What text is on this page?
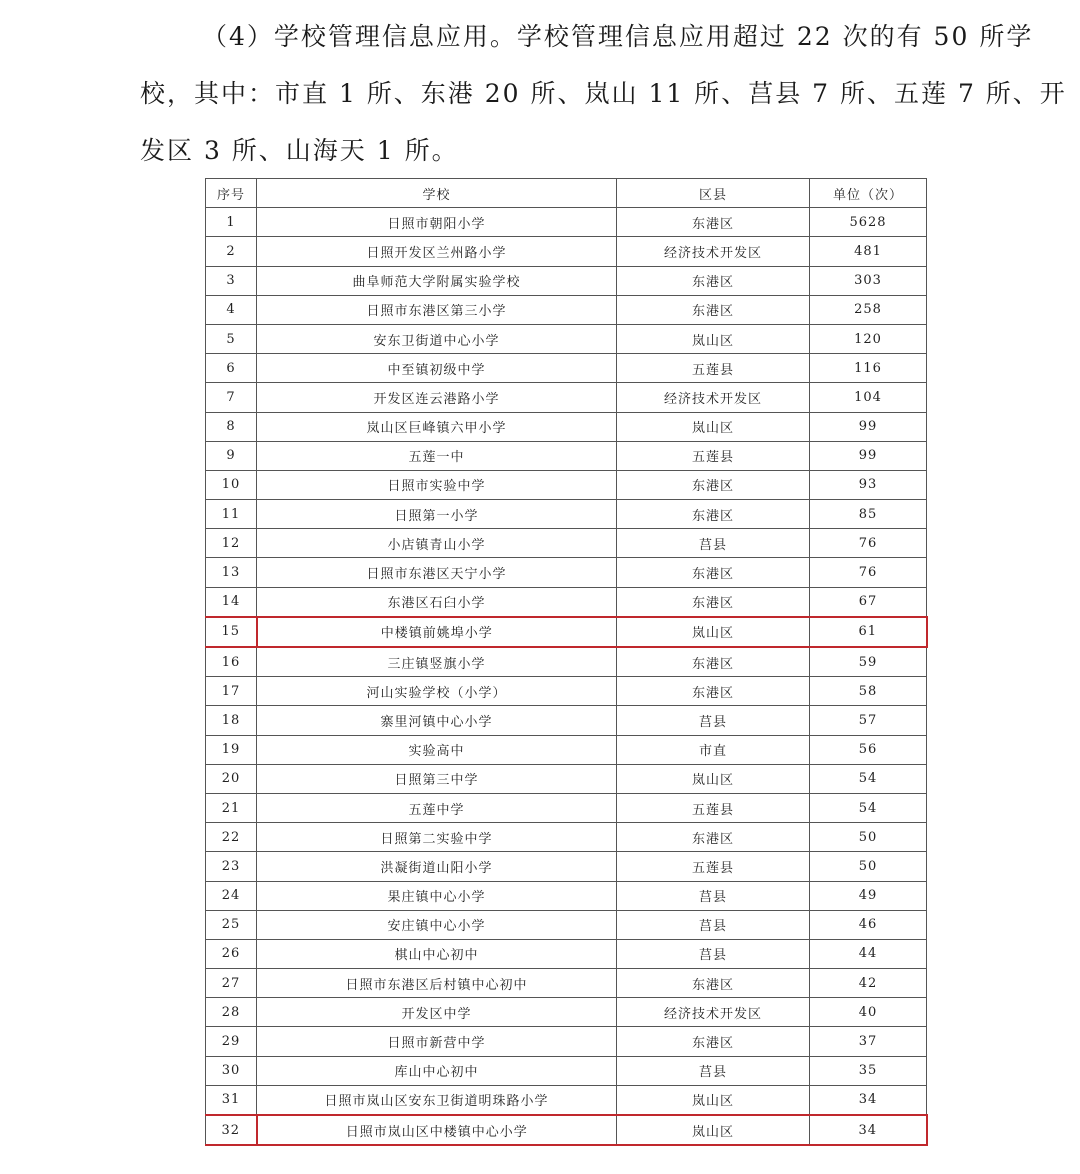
（4）学校管理信息应用。学校管理信息应用超过 22 次的有 50 所学
校，其中：市直 1 所、东港 20 所、岚山 11 所、莒县 7 所、五莲 7 所、开
发区 3 所、山海天 1 所。
序号	学校	区县	单位（次）
1	日照市朝阳小学	东港区	5628
2	日照开发区兰州路小学	经济技术开发区	481
3	曲阜师范大学附属实验学校	东港区	303
4	日照市东港区第三小学	东港区	258
5	安东卫街道中心小学	岚山区	120
6	中至镇初级中学	五莲县	116
7	开发区连云港路小学	经济技术开发区	104
8	岚山区巨峰镇六甲小学	岚山区	99
9	五莲一中	五莲县	99
10	日照市实验中学	东港区	93
11	日照第一小学	东港区	85
12	小店镇青山小学	莒县	76
13	日照市东港区天宁小学	东港区	76
14	东港区石臼小学	东港区	67
15	中楼镇前姚埠小学	岚山区	61
16	三庄镇竖旗小学	东港区	59
17	河山实验学校（小学）	东港区	58
18	寨里河镇中心小学	莒县	57
19	实验高中	市直	56
20	日照第三中学	岚山区	54
21	五莲中学	五莲县	54
22	日照第二实验中学	东港区	50
23	洪凝街道山阳小学	五莲县	50
24	果庄镇中心小学	莒县	49
25	安庄镇中心小学	莒县	46
26	棋山中心初中	莒县	44
27	日照市东港区后村镇中心初中	东港区	42
28	开发区中学	经济技术开发区	40
29	日照市新营中学	东港区	37
30	库山中心初中	莒县	35
31	日照市岚山区安东卫街道明珠路小学	岚山区	34
32	日照市岚山区中楼镇中心小学	岚山区	34
